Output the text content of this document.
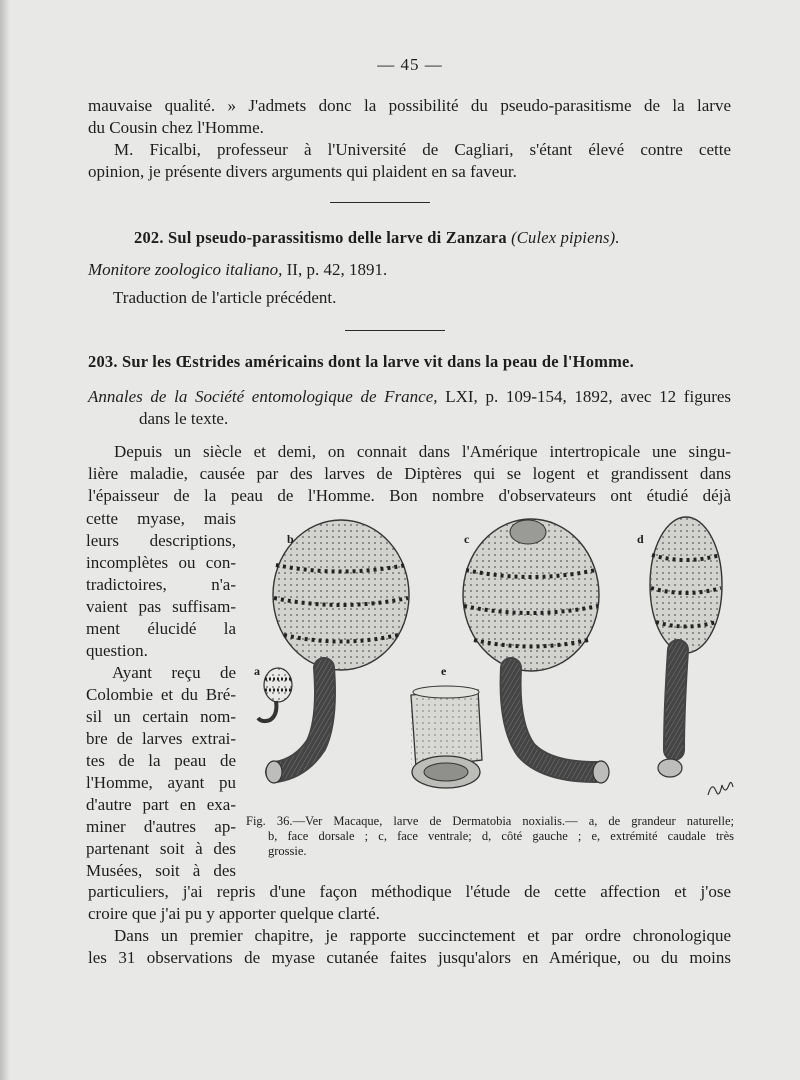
— 45 —
mauvaise qualité. » J'admets donc la possibilité du pseudo-parasitisme de la larve
du Cousin chez l'Homme.
M. Ficalbi, professeur à l'Université de Cagliari, s'étant élevé contre cette
opinion, je présente divers arguments qui plaident en sa faveur.
202. Sul pseudo-parassitismo delle larve di Zanzara (Culex pipiens).
Monitore zoologico italiano, II, p. 42, 1891.
Traduction de l'article précédent.
203. Sur les Œstrides américains dont la larve vit dans la peau de l'Homme.
Annales de la Société entomologique de France, LXI, p. 109-154, 1892, avec 12 figures
dans le texte.
Depuis un siècle et demi, on connait dans l'Amérique intertropicale une singu-
lière maladie, causée par des larves de Diptères qui se logent et grandissent dans
l'épaisseur de la peau de l'Homme. Bon nombre d'observateurs ont étudié déjà
cette myase, mais
leurs descriptions,
incomplètes ou con-
tradictoires, n'a-
vaient pas suffisam-
ment élucidé la
question.
Ayant reçu de
Colombie et du Bré-
sil un certain nom-
bre de larves extrai-
tes de la peau de
l'Homme, ayant pu
d'autre part en exa-
miner d'autres ap-
partenant soit à des
Musées, soit à des
particuliers, j'ai repris d'une façon méthodique l'étude de cette affection et j'ose
croire que j'ai pu y apporter quelque clarté.
Dans un premier chapitre, je rapporte succinctement et par ordre chronologique
les 31 observations de myase cutanée faites jusqu'alors en Amérique, ou du moins
a
b	c	d
e
Fig. 36.—Ver Macaque, larve de Dermatobia noxialis.— a, de grandeur naturelle;
b, face dorsale ; c, face ventrale; d, côté gauche ; e, extrémité caudale très
grossie.
